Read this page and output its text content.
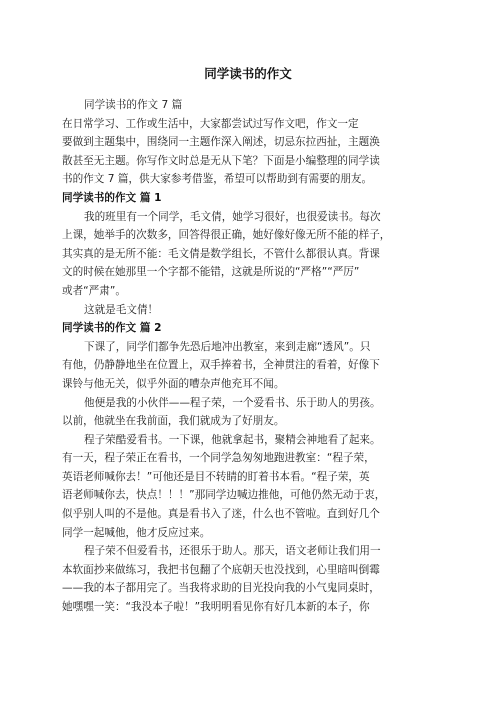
同学读书的作文
同学读书的作文 7 篇
在日常学习、工作或生活中，大家都尝试过写作文吧，作文一定
要做到主题集中，围绕同一主题作深入阐述，切忌东拉西扯，主题涣
散甚至无主题。你写作文时总是无从下笔？下面是小编整理的同学读
书的作文 7 篇，供大家参考借鉴，希望可以帮助到有需要的朋友。
同学读书的作文 篇 1
我的班里有一个同学，毛文倩，她学习很好，也很爱读书。每次
上课，她举手的次数多，回答得很正确，她好像好像无所不能的样子，
其实真的是无所不能：毛文倩是数学组长，不管什么都很认真。背课
文的时候在她那里一个字都不能错，这就是所说的“严格”“严厉”
或者“严肃”。
这就是毛文倩！
同学读书的作文 篇 2
下课了，同学们都争先恐后地冲出教室，来到走廊“透风”。只
有他，仍静静地坐在位置上，双手捧着书，全神贯注的看着，好像下
课铃与他无关，似乎外面的嘈杂声他充耳不闻。
他便是我的小伙伴——程子荣，一个爱看书、乐于助人的男孩。
以前，他就坐在我前面，我们就成为了好朋友。
程子荣酷爱看书。一下课，他就拿起书，聚精会神地看了起来。
有一天，程子荣正在看书，一个同学急匆匆地跑进教室：“程子荣，
英语老师喊你去！”可他还是目不转睛的盯着书本看。“程子荣，英
语老师喊你去，快点！！！”那同学边喊边推他，可他仍然无动于衷，
似乎别人叫的不是他。真是看书入了迷，什么也不管啦。直到好几个
同学一起喊他，他才反应过来。
程子荣不但爱看书，还很乐于助人。那天，语文老师让我们用一
本软面抄来做练习，我把书包翻了个底朝天也没找到，心里暗叫倒霉
——我的本子都用完了。当我将求助的目光投向我的小气鬼同桌时，
她嘿嘿一笑：“我没本子啦！”我明明看见你有好几本新的本子，你
